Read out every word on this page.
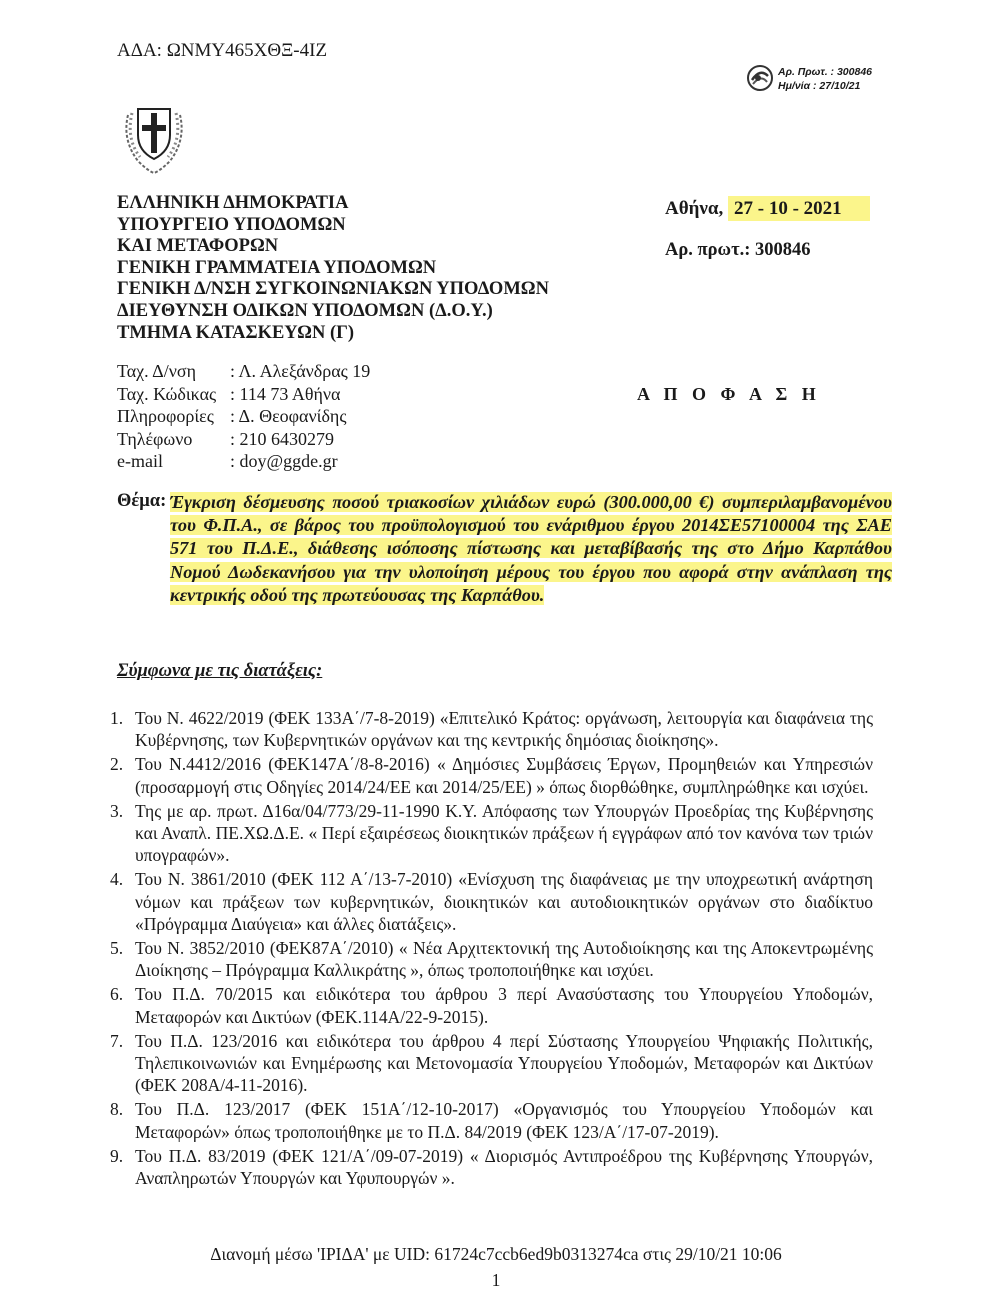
ΑΔΑ: ΩΝΜΥ465ΧΘΞ-4ΙΖ
Αρ. Πρωτ. : 300846
Ημ/νία : 27/10/21
ΕΛΛΗΝΙΚΗ ΔΗΜΟΚΡΑΤΙΑ
ΥΠΟΥΡΓΕΙΟ ΥΠΟΔΟΜΩΝ
ΚΑΙ ΜΕΤΑΦΟΡΩΝ
ΓΕΝΙΚΗ ΓΡΑΜΜΑΤΕΙΑ ΥΠΟΔΟΜΩΝ
ΓΕΝΙΚΗ Δ/ΝΣΗ ΣΥΓΚΟΙΝΩΝΙΑΚΩΝ ΥΠΟΔΟΜΩΝ
ΔΙΕΥΘΥΝΣΗ ΟΔΙΚΩΝ ΥΠΟΔΟΜΩΝ (Δ.Ο.Υ.)
ΤΜΗΜΑ ΚΑΤΑΣΚΕΥΩΝ (Γ)
Αθήνα, 27 - 10 - 2021
Αρ. πρωτ.: 300846
Ταχ. Δ/νση	: Λ. Αλεξάνδρας 19
Ταχ. Κώδικας : 114 73 Αθήνα
Πληροφορίες : Δ. Θεοφανίδης
Τηλέφωνο	: 210 6430279
e-mail	: doy@ggde.gr
Α Π Ο Φ Α Σ Η
Θέμα: Έγκριση δέσμευσης ποσού τριακοσίων χιλιάδων ευρώ (300.000,00 €) συμπεριλαμβανομένου του Φ.Π.Α., σε βάρος του προϋπολογισμού του ενάριθμου έργου 2014ΣΕ57100004 της ΣΑΕ 571 του Π.Δ.Ε., διάθεσης ισόποσης πίστωσης και μεταβίβασής της στο Δήμο Καρπάθου Νομού Δωδεκανήσου για την υλοποίηση μέρους του έργου που αφορά στην ανάπλαση της κεντρικής οδού της πρωτεύουσας της Καρπάθου.
Σύμφωνα με τις διατάξεις:
1. Του Ν. 4622/2019 (ΦΕΚ 133Α΄/7-8-2019) «Επιτελικό Κράτος: οργάνωση, λειτουργία και διαφάνεια της Κυβέρνησης, των Κυβερνητικών οργάνων και της κεντρικής δημόσιας διοίκησης».
2. Του Ν.4412/2016 (ΦΕΚ147Α΄/8-8-2016) « Δημόσιες Συμβάσεις Έργων, Προμηθειών και Υπηρεσιών (προσαρμογή στις Οδηγίες 2014/24/ΕΕ και 2014/25/ΕΕ) » όπως διορθώθηκε, συμπληρώθηκε και ισχύει.
3. Της με αρ. πρωτ. Δ16α/04/773/29-11-1990 Κ.Υ. Απόφασης των Υπουργών Προεδρίας της Κυβέρνησης και Αναπλ. ΠΕ.ΧΩ.Δ.Ε. « Περί εξαιρέσεως διοικητικών πράξεων ή εγγράφων από τον κανόνα των τριών υπογραφών».
4. Του Ν. 3861/2010 (ΦΕΚ 112 Α΄/13-7-2010) «Ενίσχυση της διαφάνειας με την υποχρεωτική ανάρτηση νόμων και πράξεων των κυβερνητικών, διοικητικών και αυτοδιοικητικών οργάνων στο διαδίκτυο «Πρόγραμμα Διαύγεια» και άλλες διατάξεις».
5. Του Ν. 3852/2010 (ΦΕΚ87Α΄/2010) « Νέα Αρχιτεκτονική της Αυτοδιοίκησης και της Αποκεντρωμένης Διοίκησης – Πρόγραμμα Καλλικράτης », όπως τροποποιήθηκε και ισχύει.
6. Του Π.Δ. 70/2015 και ειδικότερα του άρθρου 3 περί Ανασύστασης του Υπουργείου Υποδομών, Μεταφορών και Δικτύων (ΦΕΚ.114Α/22-9-2015).
7. Του Π.Δ. 123/2016 και ειδικότερα του άρθρου 4 περί Σύστασης Υπουργείου Ψηφιακής Πολιτικής, Τηλεπικοινωνιών και Ενημέρωσης και Μετονομασία Υπουργείου Υποδομών, Μεταφορών και Δικτύων (ΦΕΚ 208Α/4-11-2016).
8. Του Π.Δ. 123/2017 (ΦΕΚ 151Α΄/12-10-2017) «Οργανισμός του Υπουργείου Υποδομών και Μεταφορών» όπως τροποποιήθηκε με το Π.Δ. 84/2019 (ΦΕΚ 123/Α΄/17-07-2019).
9. Του Π.Δ. 83/2019 (ΦΕΚ 121/Α΄/09-07-2019) « Διορισμός Αντιπροέδρου της Κυβέρνησης Υπουργών, Αναπληρωτών Υπουργών και Υφυπουργών ».
Διανομή μέσω 'ΙΡΙΔΑ' με UID: 61724c7ccb6ed9b0313274ca στις 29/10/21 10:06
1
